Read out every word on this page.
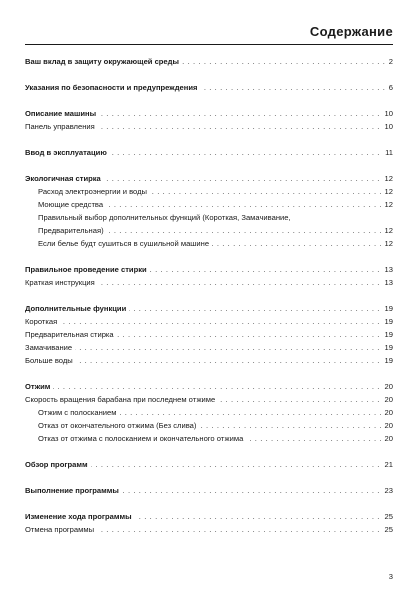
Содержание
. . .
Ваш вклад в защиту окружающей среды	2
. . .
Указания по безопасности и предупреждения	6
. . .
Описание машины	10
. . .
Панель управления	10
. . .
Ввод в эксплуатацию	11
. . .
Экологичная стирка	12
. . .
Расход электроэнергии и воды	12
. . .
Моющие средства	12
. . .
Правильный выбор дополнительных функций (Короткая, Замачивание,
Предварительная)	12
. . .
Если белье будт сушиться в сушильной машине	12
. . .
Правильное проведение стирки	13
. . .
Краткая инструкция	13
. . .
Дополнительные функции	19
. . .
Короткая	19
. . .
Предварительная стирка	19
. . .
Замачивание	19
. . .
Больше воды	19
. . .
Отжим	20
. . .
Скорость вращения барабана при последнем отжиме	20
. . .
Отжим с полосканием	20
. . .
Отказ от окончательного отжима (Без слива)	20
. . .
Отказ от отжима с полосканием и окончательного отжима	20
. . .
Обзор программ	21
. . .
Выполнение программы	23
. . .
Изменение хода программы	25
. . .
Отмена программы	25
3
